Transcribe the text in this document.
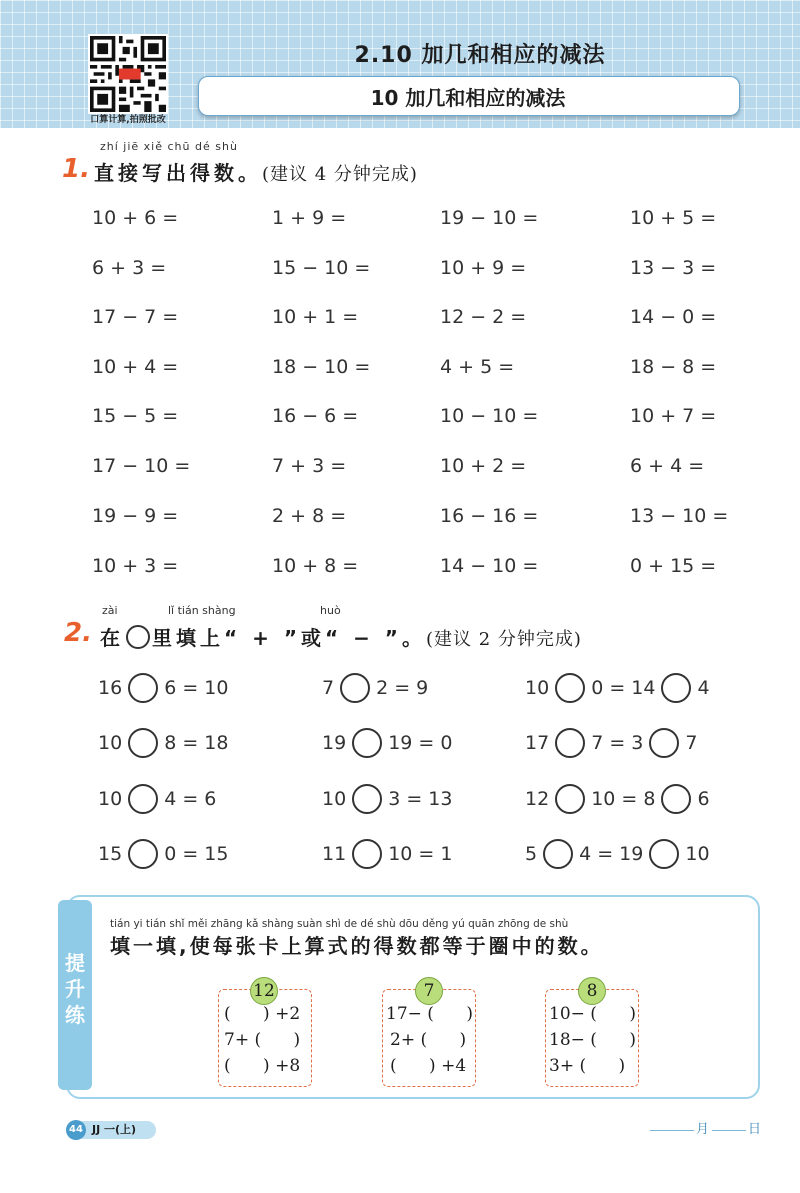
口算计算,拍照批改
2.10 加几和相应的减法
10 加几和相应的减法
zhí jiē xiě chū dé shù
1. 直接写出得数。(建议 4 分钟完成)
10 + 6 =	1 + 9 =	19 − 10 =	10 + 5 =
6 + 3 =	15 − 10 =	10 + 9 =	13 − 3 =
17 − 7 =	10 + 1 =	12 − 2 =	14 − 0 =
10 + 4 =	18 − 10 =	4 + 5 =	18 − 8 =
15 − 5 =	16 − 6 =	10 − 10 =	10 + 7 =
17 − 10 =	7 + 3 =	10 + 2 =	6 + 4 =
19 − 9 =	2 + 8 =	16 − 16 =	13 − 10 =
10 + 3 =	10 + 8 =	14 − 10 =	0 + 15 =
zài	lǐ tián shàng	huò
2. 在 里填上“ + ”或“ − ”。(建议 2 分钟完成)
16 6 = 10	7 2 = 9	10 0 = 14 4
10 8 = 18	19 19 = 0	17 7 = 3 7
10 4 = 6	10 3 = 13	12 10 = 8 6
15 0 = 15	11 10 = 1	5 4 = 19 10
提
升
练
tián yi tián shǐ měi zhāng kǎ shàng suàn shì de dé shù dōu děng yú quān zhōng de shù
填一填,使每张卡上算式的得数都等于圈中的数。
12
(      ) +2
7+ (      )
(      ) +8
7
17− (      )
2+ (      )
(      ) +4
8
10− (      )
18− (      )
3+ (      )
JJ 一(上)
44	月	日
